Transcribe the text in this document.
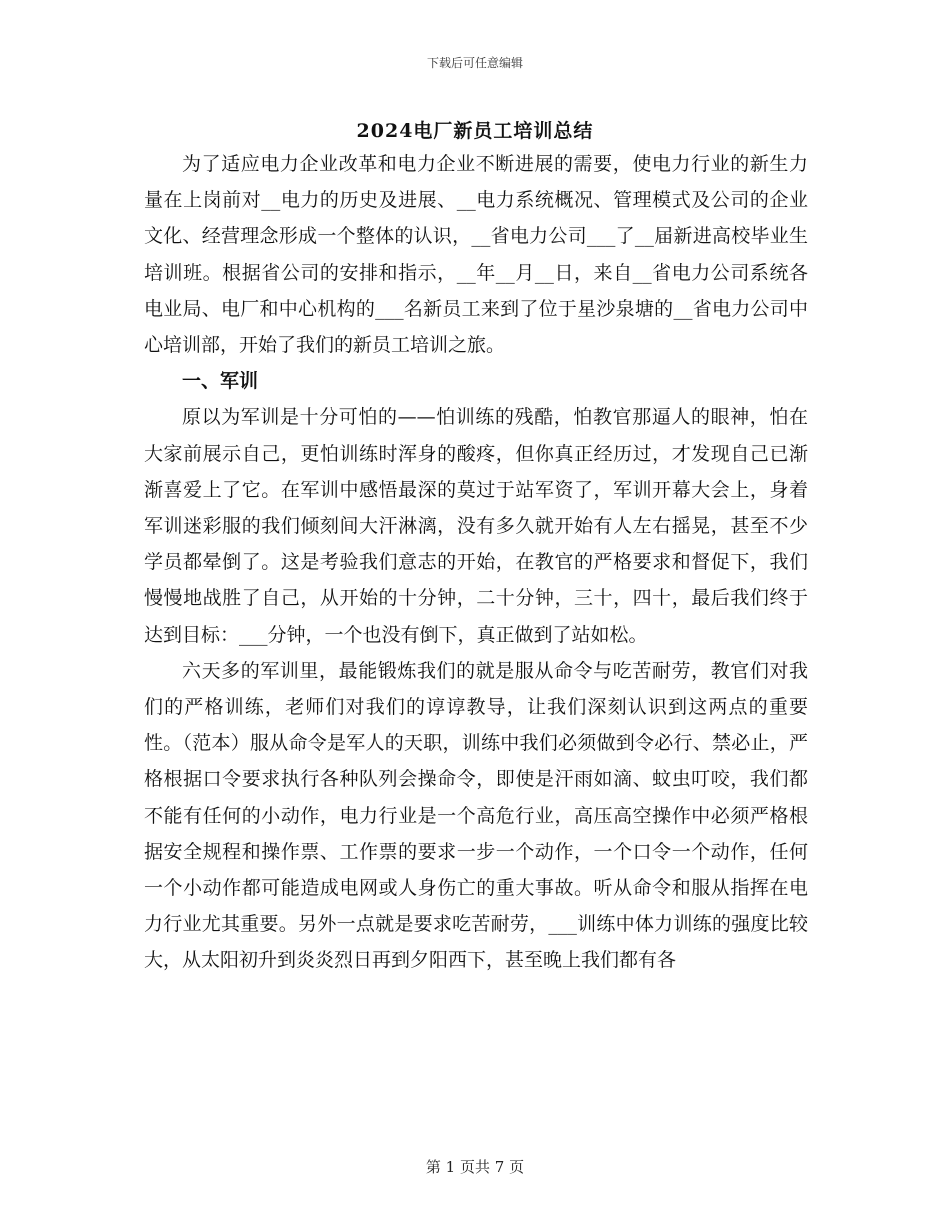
下载后可任意编辑
2024电厂新员工培训总结

为了适应电力企业改革和电力企业不断进展的需要，使电力行业的新生力量在上岗前对__电力的历史及进展、__电力系统概况、管理模式及公司的企业文化、经营理念形成一个整体的认识，__省电力公司___了__届新进高校毕业生培训班。根据省公司的安排和指示，__年__月__日，来自__省电力公司系统各电业局、电厂和中心机构的___名新员工来到了位于星沙泉塘的__省电力公司中心培训部，开始了我们的新员工培训之旅。

一、军训

原以为军训是十分可怕的——怕训练的残酷，怕教官那逼人的眼神，怕在大家前展示自己，更怕训练时浑身的酸疼，但你真正经历过，才发现自己已渐渐喜爱上了它。在军训中感悟最深的莫过于站军资了，军训开幕大会上，身着军训迷彩服的我们倾刻间大汗淋漓，没有多久就开始有人左右摇晃，甚至不少学员都晕倒了。这是考验我们意志的开始，在教官的严格要求和督促下，我们慢慢地战胜了自己，从开始的十分钟，二十分钟，三十，四十，最后我们终于达到目标：___分钟，一个也没有倒下，真正做到了站如松。

六天多的军训里，最能锻炼我们的就是服从命令与吃苦耐劳，教官们对我们的严格训练，老师们对我们的谆谆教导，让我们深刻认识到这两点的重要性。（范本）服从命令是军人的天职，训练中我们必须做到令必行、禁必止，严格根据口令要求执行各种队列会操命令，即使是汗雨如滴、蚊虫叮咬，我们都不能有任何的小动作，电力行业是一个高危行业，高压高空操作中必须严格根据安全规程和操作票、工作票的要求一步一个动作，一个口令一个动作，任何一个小动作都可能造成电网或人身伤亡的重大事故。听从命令和服从指挥在电力行业尤其重要。另外一点就是要求吃苦耐劳，___训练中体力训练的强度比较大，从太阳初升到炎炎烈日再到夕阳西下，甚至晚上我们都有各

第 1 页共 7 页
